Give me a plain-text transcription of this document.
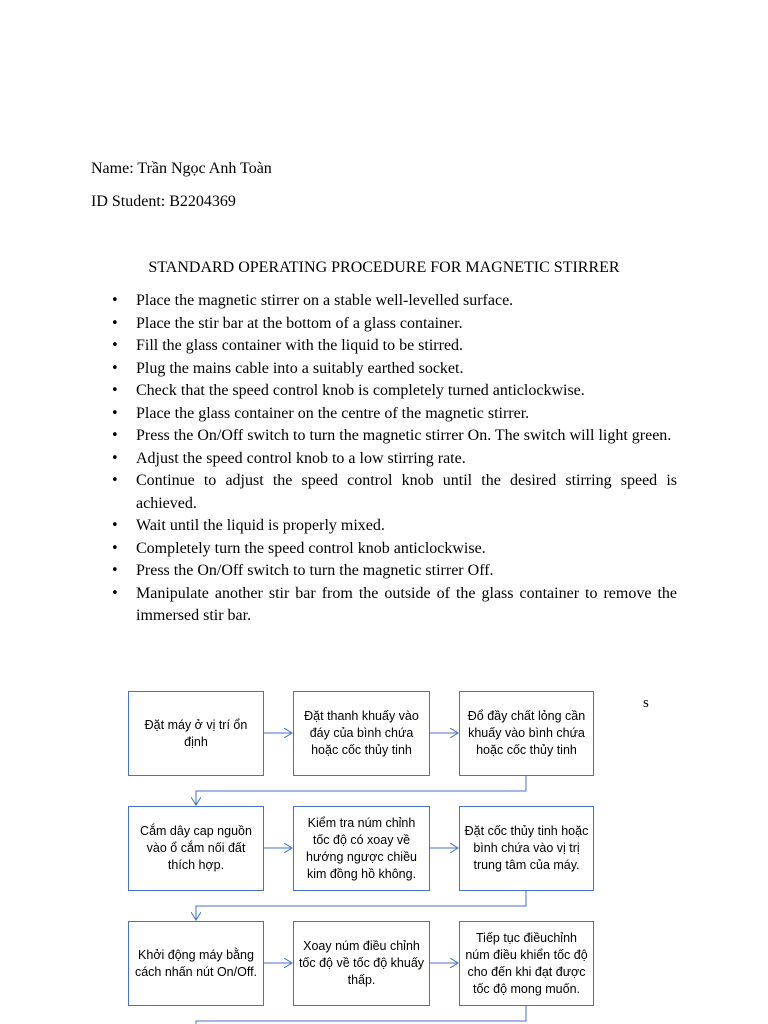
Name: Trần Ngọc Anh Toàn
ID Student: B2204369
STANDARD OPERATING PROCEDURE FOR MAGNETIC STIRRER
• Place the magnetic stirrer on a stable well-levelled surface.
• Place the stir bar at the bottom of a glass container.
• Fill the glass container with the liquid to be stirred.
• Plug the mains cable into a suitably earthed socket.
• Check that the speed control knob is completely turned anticlockwise.
• Place the glass container on the centre of the magnetic stirrer.
• Press the On/Off switch to turn the magnetic stirrer On. The switch will light green.
• Adjust the speed control knob to a low stirring rate.
• Continue to adjust the speed control knob until the desired stirring speed is achieved.
• Wait until the liquid is properly mixed.
• Completely turn the speed control knob anticlockwise.
• Press the On/Off switch to turn the magnetic stirrer Off.
• Manipulate another stir bar from the outside of the glass container to remove the immersed stir bar.
s
Đặt máy ở vị trí ổn định
Đặt thanh khuấy vào đáy của bình chứa hoặc cốc thủy tinh
Đổ đầy chất lỏng cần khuấy vào bình chứa hoặc cốc thủy tinh
Cắm dây cap nguồn vào ổ cắm nối đất thích hợp.
Kiểm tra núm chỉnh tốc độ có xoay về hướng ngược chiều kim đồng hồ không.
Đặt cốc thủy tinh hoặc bình chứa vào vị trị trung tâm của máy.
Khởi động máy bằng cách nhấn nút On/Off.
Xoay núm điều chỉnh tốc độ về tốc độ khuấy thấp.
Tiếp tục điềuchỉnh núm điều khiển tốc độ cho đến khi đạt được tốc độ mong muốn.
